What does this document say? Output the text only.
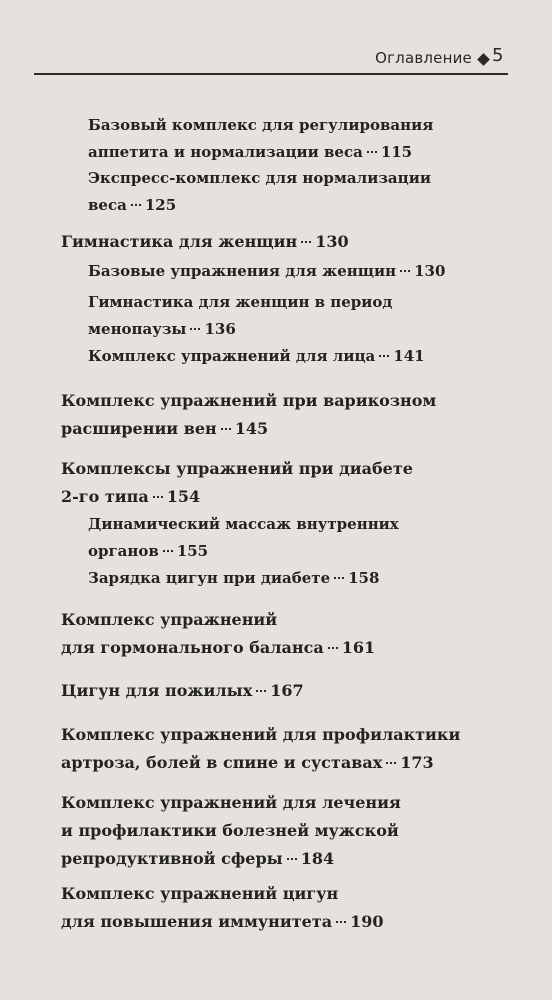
Оглавление 5
Базовый комплекс для регулирования
аппетита и нормализации веса 115
Экспресс-комплекс для нормализации
веса 125
Гимнастика для женщин 130
Базовые упражнения для женщин 130
Гимнастика для женщин в период
менопаузы 136
Комплекс упражнений для лица 141
Комплекс упражнений при варикозном
расширении вен 145
Комплексы упражнений при диабете
2-го типа 154
Динамический массаж внутренних
органов 155
Зарядка цигун при диабете 158
Комплекс упражнений
для гормонального баланса 161
Цигун для пожилых 167
Комплекс упражнений для профилактики
артроза, болей в спине и суставах 173
Комплекс упражнений для лечения
и профилактики болезней мужской
репродуктивной сферы 184
Комплекс упражнений цигун
для повышения иммунитета 190
